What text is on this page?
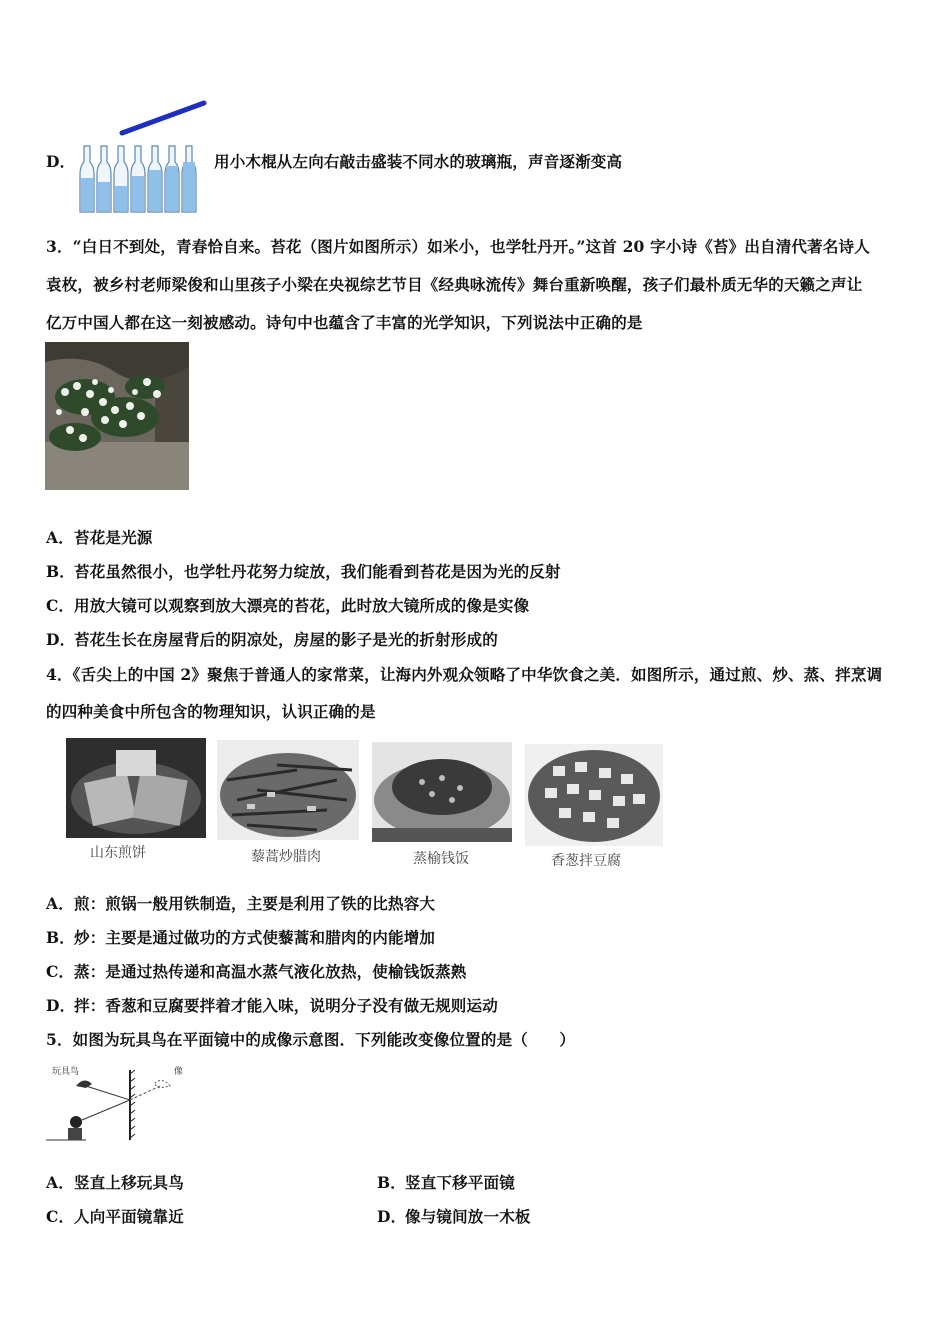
D．	用小木棍从左向右敲击盛装不同水的玻璃瓶，声音逐渐变高
3．“白日不到处，青春恰自来。苔花（图片如图所示）如米小，也学牡丹开。”这首 20 字小诗《苔》出自清代著名诗人
袁枚，被乡村老师梁俊和山里孩子小梁在央视综艺节目《经典咏流传》舞台重新唤醒，孩子们最朴质无华的天籁之声让
亿万中国人都在这一刻被感动。诗句中也蕴含了丰富的光学知识，下列说法中正确的是
A．苔花是光源
B．苔花虽然很小，也学牡丹花努力绽放，我们能看到苔花是因为光的反射
C．用放大镜可以观察到放大漂亮的苔花，此时放大镜所成的像是实像
D．苔花生长在房屋背后的阴凉处，房屋的影子是光的折射形成的
4．《舌尖上的中国 2》聚焦于普通人的家常菜，让海内外观众领略了中华饮食之美．如图所示，通过煎、炒、蒸、拌烹调
的四种美食中所包含的物理知识，认识正确的是
山东煎饼	藜蒿炒腊肉	蒸榆钱饭	香葱拌豆腐
A．煎：煎锅一般用铁制造，主要是利用了铁的比热容大
B．炒：主要是通过做功的方式使藜蒿和腊肉的内能增加
C．蒸：是通过热传递和高温水蒸气液化放热，使榆钱饭蒸熟
D．拌：香葱和豆腐要拌着才能入味，说明分子没有做无规则运动
5．如图为玩具鸟在平面镜中的成像示意图．下列能改变像位置的是（　　）
玩具鸟	像
A．竖直上移玩具鸟	B．竖直下移平面镜
C．人向平面镜靠近	D．像与镜间放一木板
